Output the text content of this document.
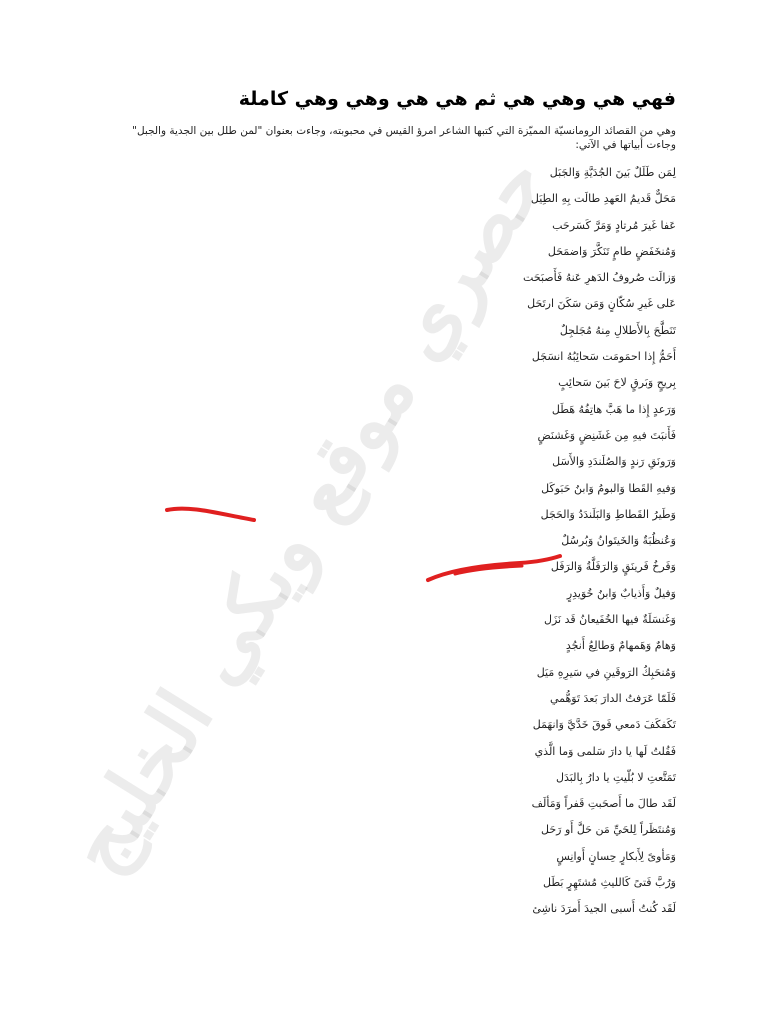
فهي هي وهي هي ثم هي هي وهي وهي كاملة

وهي من القصائد الرومانسيّة المميّزة التي كتبها الشاعر امرؤ القيس في محبوبته، وجاءت بعنوان "لمن طلل بين الجدية والجبل" وجاءت أبياتها في الآتي:

لِمَن طَلَلٌ بَينَ الجُدَيَّةِ وَالجَبَل
مَحَلٌّ قَديمُ العَهدِ طالَت بِهِ الطِيَل
عَفا غَيرَ مُرتادٍ وَمَرَّ كَسَرحَب
وَمُنخَفَضٍ طامٍ تَنَكَّرَ وَاضمَحَل
وَزالَت صُروفُ الدَهرِ عَنهُ فَأَصبَحَت
عَلى غَيرِ سُكّانٍ وَمَن سَكَنَ ارتَحَل
تَنَطَّحَ بِالأَطلالِ مِنهُ مُجَلجِلٌ
أَحَمُّ إِذا احمَومَت سَحائِبُهُ انسَجَل
بِريحٍ وَبَرقٍ لاحَ بَينَ سَحائِبٍ
وَرَعدٍ إِذا ما هَبَّ هاتِفُهُ هَطَل
فَأَنبَتَ فيهِ مِن غَشَنِضٍ وَغَشنَضٍ
وَرَونَقِ رَندٍ وَالصُلَندَدِ وَالأَسَل
وَفيهِ القَطا وَالبومُ وَابنُ حَبَوكَل
وَطَيرُ القَطاطِ وَالبَلَندَدُ وَالحَجَل
وَعُنظُبَةٌ وَالخَيتَوانُ وَبُرسُلٌ
وَفَرخُ فَرينَقٍ وَالرَفَلَّةُ وَالرَفَل
وَفيلٌ وَأَذيابٌ وَابنُ خُوَيدِرٍ
وَغَنسَلَةٌ فيها الخُفَيعانُ قَد نَزَل
وَهامٌ وَهَمهامٌ وَطالِعُ أَنجُدٍ
وَمُنحَبِكُ الرَوقَينِ في سَيرِهِ مَيَل
فَلَمّا عَرَفتُ الدارَ بَعدَ تَوَهُّمي
تَكَفكَفَ دَمعي فَوقَ خَدَّيَّ وَانهَمَل
فَقُلتُ لَها يا دارَ سَلمى وَما الَّذي
تَمَتَّعتِ لا بُلّيتِ يا دارُ بِالبَدَل
لَقَد طالَ ما أَصحَبتِ قَفراً وَمَألَف
وَمُنتَظَراً لِلحَيِّ مَن حَلَّ أَو رَحَل
وَمَأوىً لِأَبكارٍ حِسانٍ أَوانِسٍ
وَرُبَّ فَتىً كَالليثِ مُشتَهِرٍ بَطَل
لَقَد كُنتُ أَسبى الجيدَ أَمرَدَ ناشِئ
حصري موقع ويكي الخليج
